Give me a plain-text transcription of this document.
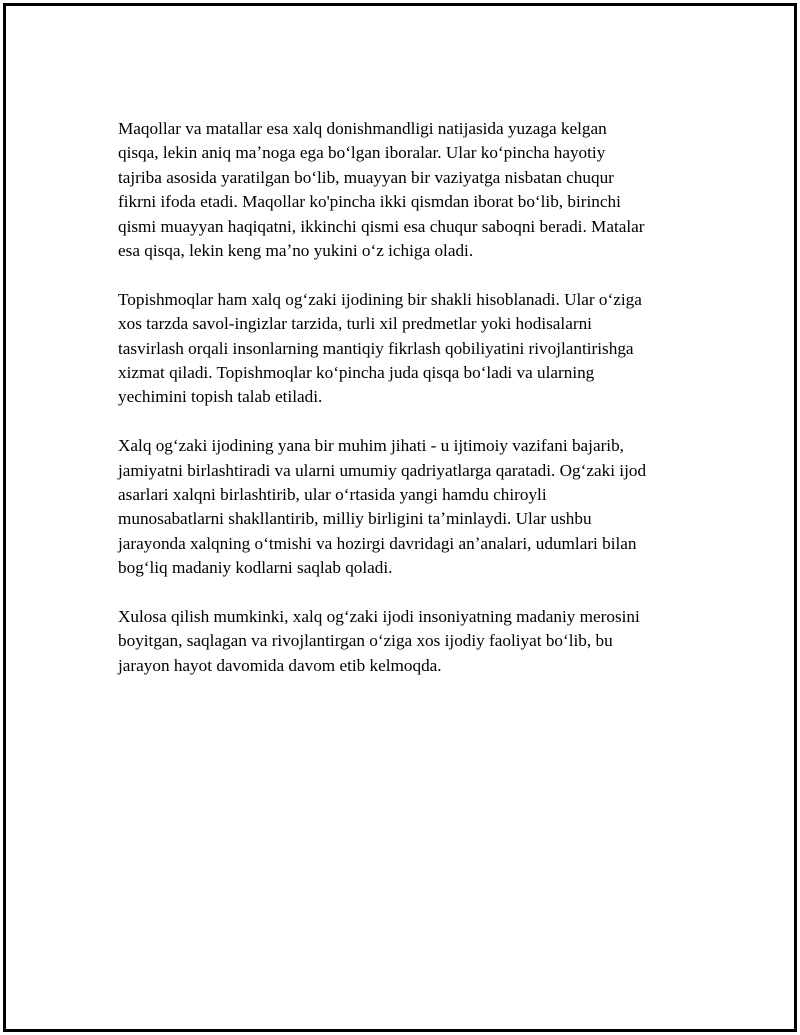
Maqollar va matallar esa xalq donishmandligi natijasida yuzaga kelgan
qisqa, lekin aniq maʼnoga ega boʻlgan iboralar. Ular koʻpincha hayotiy
tajriba asosida yaratilgan boʻlib, muayyan bir vaziyatga nisbatan chuqur
fikrni ifoda etadi. Maqollar ko'pincha ikki qismdan iborat boʻlib, birinchi
qismi muayyan haqiqatni, ikkinchi qismi esa chuqur saboqni beradi. Matalar
esa qisqa, lekin keng maʼno yukini oʻz ichiga oladi.

Topishmoqlar ham xalq ogʻzaki ijodining bir shakli hisoblanadi. Ular oʻziga
xos tarzda savol-ingizlar tarzida, turli xil predmetlar yoki hodisalarni
tasvirlash orqali insonlarning mantiqiy fikrlash qobiliyatini rivojlantirishga
xizmat qiladi. Topishmoqlar koʻpincha juda qisqa boʻladi va ularning
yechimini topish talab etiladi.

Xalq ogʻzaki ijodining yana bir muhim jihati - u ijtimoiy vazifani bajarib,
jamiyatni birlashtiradi va ularni umumiy qadriyatlarga qaratadi. Ogʻzaki ijod
asarlari xalqni birlashtirib, ular oʻrtasida yangi hamdu chiroyli
munosabatlarni shakllantirib, milliy birligini taʼminlaydi. Ular ushbu
jarayonda xalqning oʻtmishi va hozirgi davridagi anʼanalari, udumlari bilan
bogʻliq madaniy kodlarni saqlab qoladi.

Xulosa qilish mumkinki, xalq ogʻzaki ijodi insoniyatning madaniy merosini
boyitgan, saqlagan va rivojlantirgan oʻziga xos ijodiy faoliyat boʻlib, bu
jarayon hayot davomida davom etib kelmoqda.
